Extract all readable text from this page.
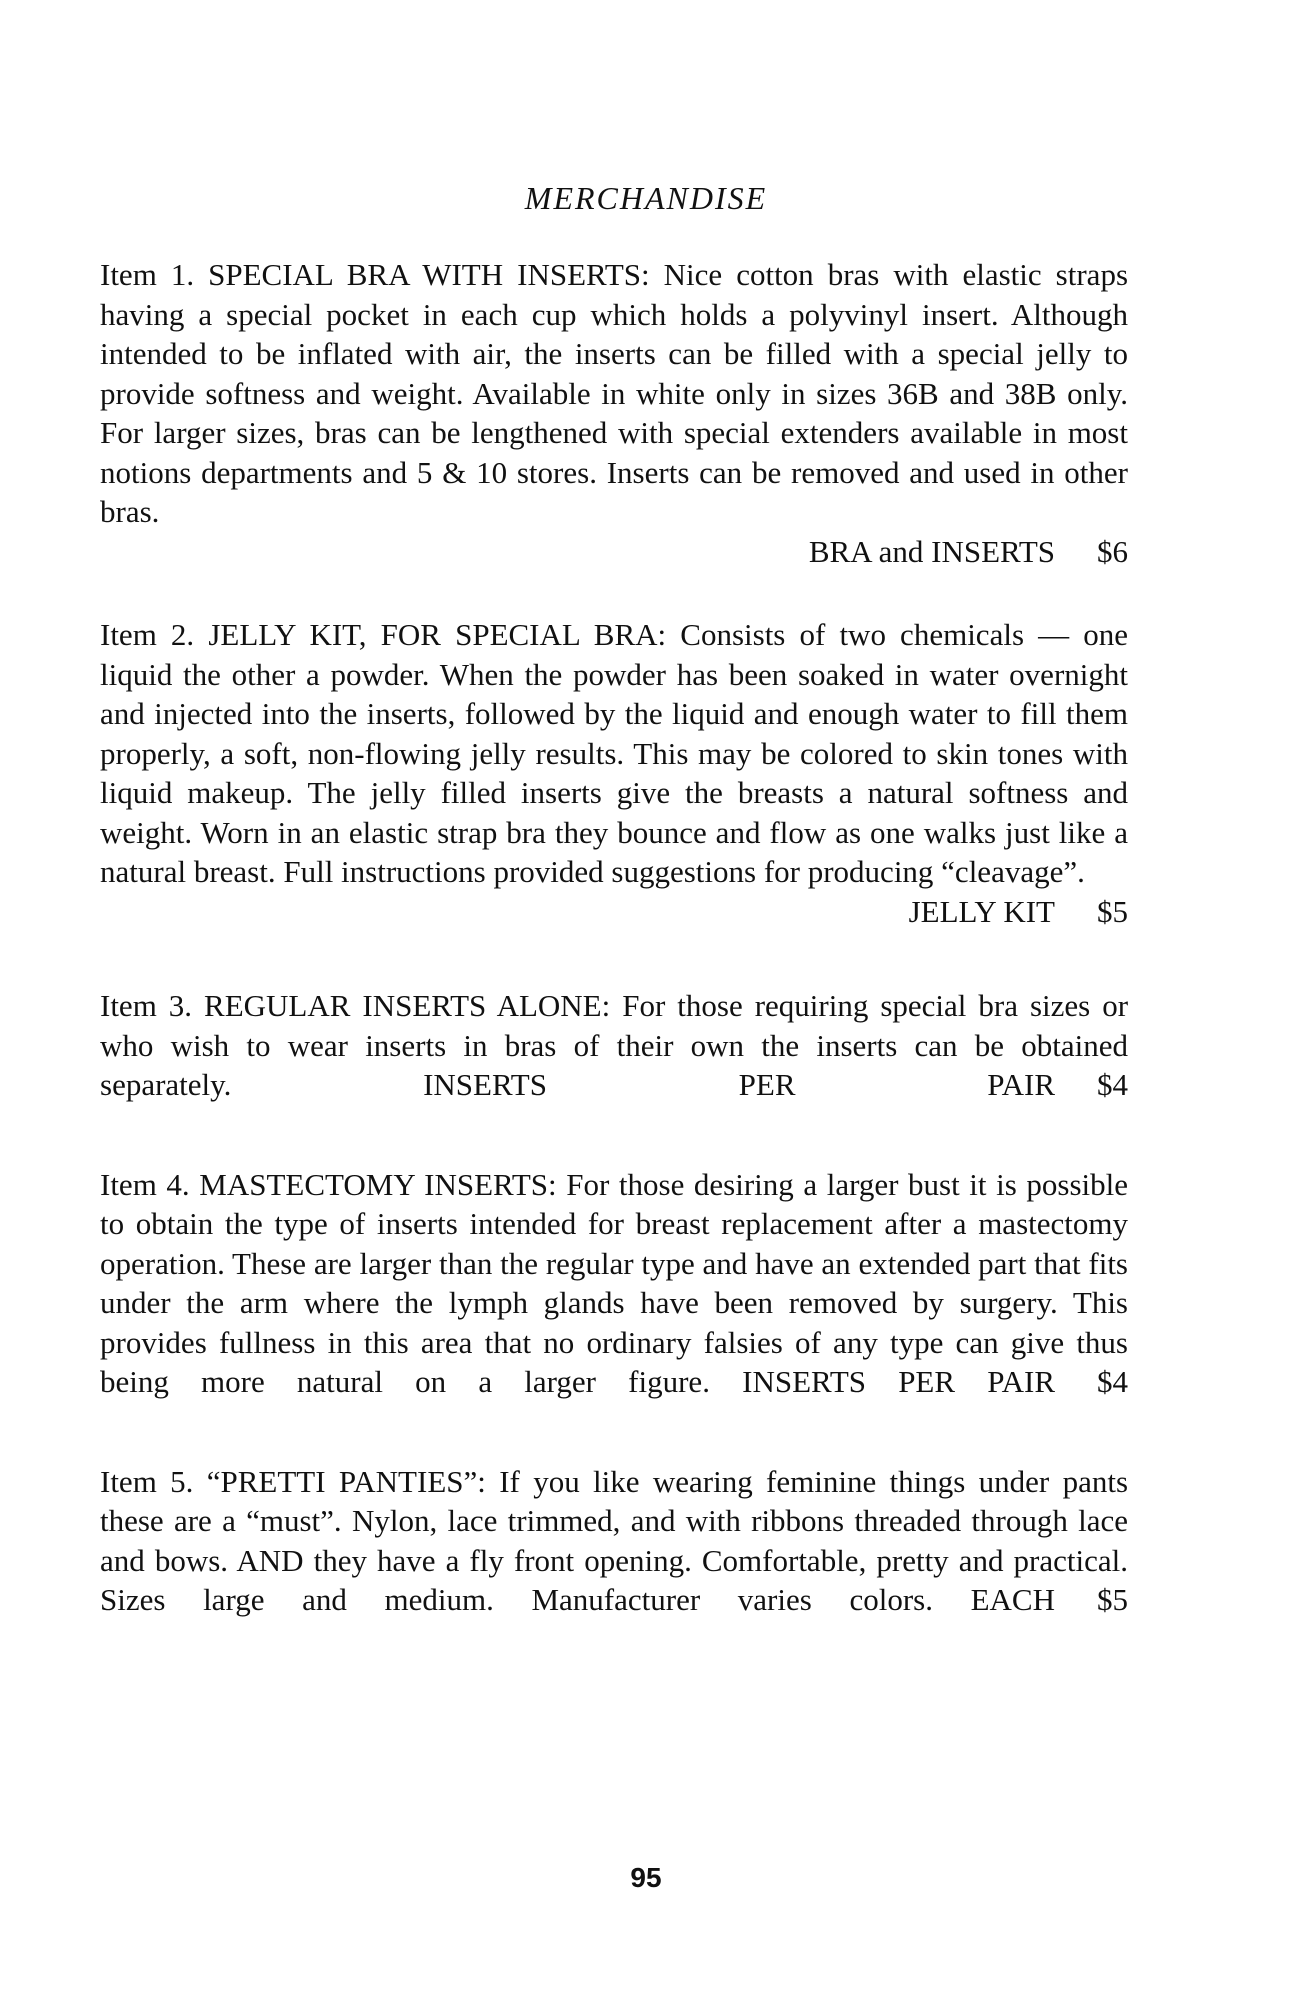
MERCHANDISE

Item 1. SPECIAL BRA WITH INSERTS: Nice cotton bras with elastic straps having a special pocket in each cup which holds a polyvinyl insert. Although intended to be inflated with air, the inserts can be filled with a special jelly to provide softness and weight. Available in white only in sizes 36B and 38B only. For larger sizes, bras can be lengthened with special extenders available in most notions departments and 5 & 10 stores. Inserts can be removed and used in other bras.

BRA and INSERTS $6

Item 2. JELLY KIT, FOR SPECIAL BRA: Consists of two chemicals — one liquid the other a powder. When the powder has been soaked in water overnight and injected into the inserts, followed by the liquid and enough water to fill them properly, a soft, non-flowing jelly results. This may be colored to skin tones with liquid makeup. The jelly filled inserts give the breasts a natural softness and weight. Worn in an elastic strap bra they bounce and flow as one walks just like a natural breast. Full instructions provided suggestions for producing “cleavage”.

JELLY KIT $5

Item 3. REGULAR INSERTS ALONE: For those requiring special bra sizes or who wish to wear inserts in bras of their own the inserts can be obtained separately.	INSERTS PER PAIR $4

Item 4. MASTECTOMY INSERTS: For those desiring a larger bust it is possible to obtain the type of inserts intended for breast replacement after a mastectomy operation. These are larger than the regular type and have an extended part that fits under the arm where the lymph glands have been removed by surgery. This provides fullness in this area that no ordinary falsies of any type can give thus being more natural on a larger figure. INSERTS PER PAIR $4

Item 5. “PRETTI PANTIES”: If you like wearing feminine things under pants these are a “must”. Nylon, lace trimmed, and with ribbons threaded through lace and bows. AND they have a fly front opening. Comfortable, pretty and practical. Sizes large and medium. Manufacturer varies colors. EACH $5

95
